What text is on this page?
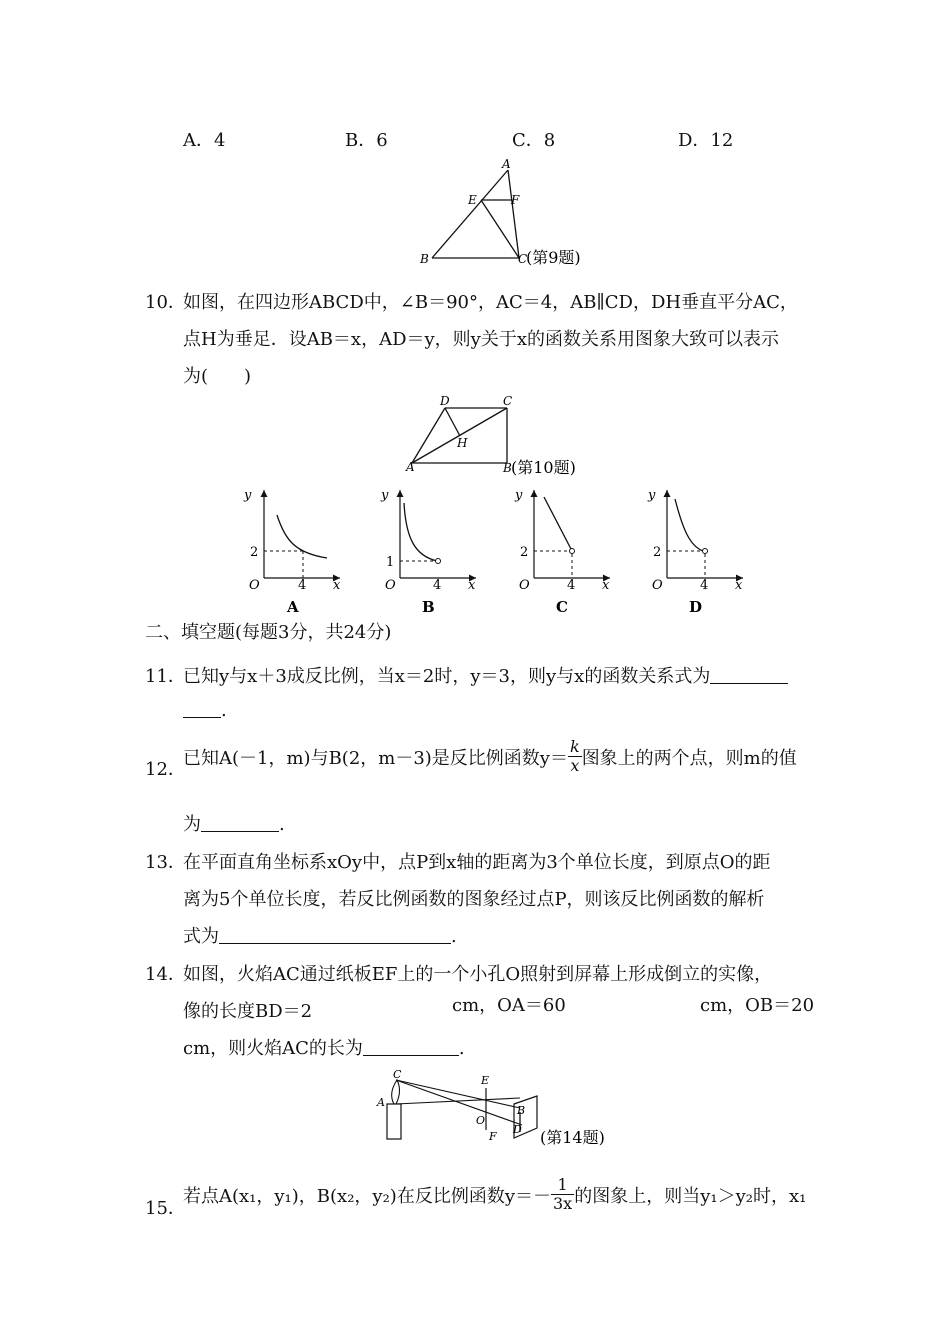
A．4	B．6	C．8	D．12
A
E	F
B	C
(第9题)
10．
如图，在四边形ABCD中，∠B＝90°，AC＝4，AB∥CD，DH垂直平分AC，
点H为垂足．设AB＝x，AD＝y，则y关于x的函数关系用图象大致可以表示
为(　　)
D	C
H
A	B (第10题)
y
x
2
4
O
A
y
x
1
4
O
B
y
x
2
4
O
C
y
x
2
4
O
D
二、填空题(每题3分，共24分)
11．
已知y与x＋3成反比例，当x＝2时，y＝3，则y与x的函数关系式为
.
12．
已知A(－1，m)与B(2，m－3)是反比例函数$y= \frac{k}{x}$ 图象上的两个点，则m的值
为	.
13．
在平面直角坐标系xOy中，点P到x轴的距离为3个单位长度，到原点O的距
离为5个单位长度，若反比例函数的图象经过点P，则该反比例函数的解析
式为	.
14．
如图，火焰AC通过纸板EF上的一个小孔O照射到屏幕上形成倒立的实像，
像的长度BD＝2	cm，OA＝60	cm，OB＝20
cm，则火焰AC的长为	.
C
A
E
O
F
B
D (第14题)
15．
若点A(x₁，y₁)，B(x₂，y₂)在反比例函数$y=- \frac{1}{3x}$ 的图象上，则当y₁＞y₂时，x₁
